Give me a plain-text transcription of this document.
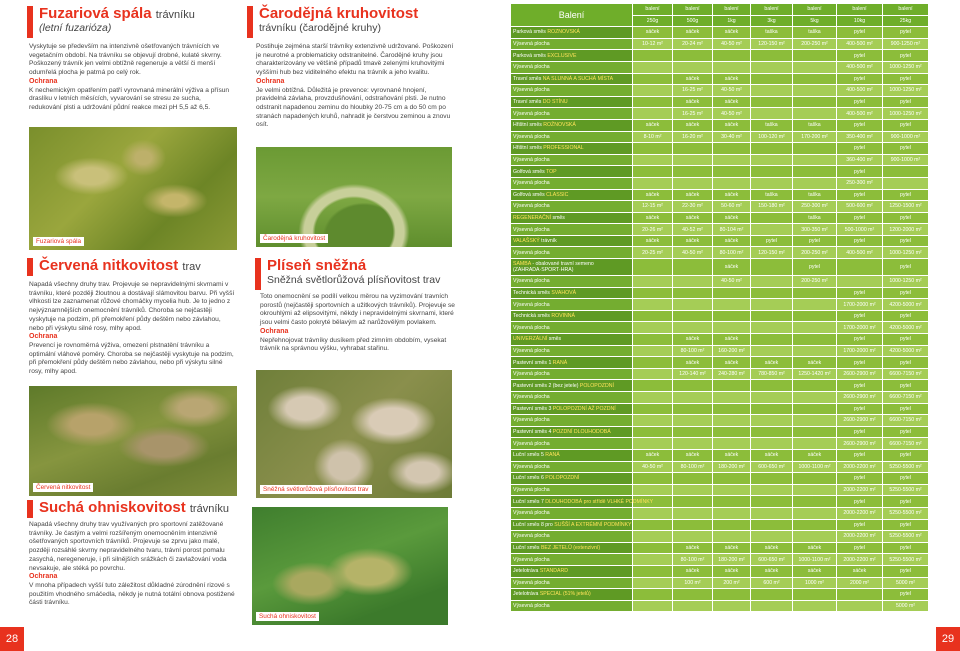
Fuzariová spála trávníku
(letní fuzarióza)
Vyskytuje se především na intenzivně ošetřovaných trávnících ve vegetačním období. Na trávníku se objevují drobné, kulaté skvrny. Poškozený trávník jen velmi obtížně regeneruje a větší či menší odumřelá plocha je patrná po celý rok.
Ochrana
K nechemickým opatřením patří vyrovnaná minerální výživa a přísun draslíku v letních měsících, vyvarování se stresu ze sucha, redukování plsti a udržování půdní reakce mezi pH 5,5 až 6,5.
Fuzariová spála
Červená nitkovitost trav
Napadá všechny druhy trav. Projevuje se nepravidelnými skvrnami v trávníku, které později žloutnou a dostávají slámovitou barvu. Při vyšší vlhkosti lze zaznamenat růžové chomáčky mycelia hub. Je to jedno z nejvýznamnějších onemocnění trávníků. Choroba se nejčastěji vyskytuje na podzim, při přemokření půdy deštěm nebo závlahou, nebo při výskytu silné rosy, mlhy apod.
Ochrana
Prevencí je rovnoměrná výživa, omezení plstnatění trávníku a optimální vláhové poměry. Choroba se nejčastěji vyskytuje na podzim, při přemokření půdy deštěm nebo závlahou, nebo při výskytu silné rosy, mlhy apod.
Červená nitkovitost
Suchá ohniskovitost trávníku
Napadá všechny druhy trav využívaných pro sportovní zatěžované trávníky. Je častým a velmi rozšířeným onemocněním intenzivně ošetřovaných sportovních trávníků. Projevuje se zprvu jako malé, později rozsáhlé skvrny nepravidelného tvaru, trávní porost pomalu zasychá, neregeneruje, i při silnějších srážkách či zavlažování voda nevsakuje, ale stéká po povrchu.
Ochrana
V mnoha případech vyšší tuto záležitost důkladné zúrodnění rizové s použitím vhodného smáčedla, někdy je nutná totální obnova postižené části trávníku.
28
Čarodějná kruhovitost
trávníku (čarodějné kruhy)
Postihuje zejména starší trávníky extenzivně udržované. Poškození je neurotné a problematicky odstranitelné. Čarodějné kruhy jsou charakterizovány ve většině případů tmavě zelenými kruhovitými vyššími hub bez viditelného efektu na trávník a jeho kvalitu.
Ochrana
Je velmi obtížná. Důležitá je prevence: vyrovnané hnojení, pravidelná závlaha, provzdušňování, odstraňování plsti. Je nutno odstranit napadenou zeminu do hloubky 20-75 cm a do 50 cm po stranách napadených kruhů, nahradit je čerstvou zeminou a znovu osít.
Čarodějná kruhovitost
Plíseň sněžná
Sněžná světlorůžová plísňovitost trav
Toto onemocnění se podílí velkou měrou na vyzimování travních porostů (nejčastěji sportovních a užitkových trávníků). Projevuje se okrouhlými až elipsovitými, někdy i nepravidelnými skvrnami, které jsou velmi často pokryté bělavým až narůžovělým povlakem.
Ochrana
Nepřehnojovat trávníky dusíkem před zimním obdobím, vysekat trávník na správnou výšku, vyhrabat stařinu.
Sněžná světlorůžová plísňovitost trav
Suchá ohniskovitost
Balení	balení	balení	balení	balení	balení	balení	balení
	250g	500g	1kg	3kg	5kg	10kg	25kg
Parková směs ROZNOVSKÁ	sáček	sáček	sáček	taška	taška	pytel	pytel
Výsevná plocha	10-12 m²	20-24 m²	40-50 m²	120-150 m²	200-250 m²	400-500 m²	900-1250 m²
Parková směs EXCLUSIVE						pytel	pytel
Výsevná plocha						400-500 m²	1000-1250 m²
Travní směs NA SLUNNÁ A SUCHÁ MÍSTA		sáček	sáček			pytel	pytel
Výsevná plocha		16-25 m²	40-50 m²			400-500 m²	1000-1250 m²
Travní směs DO STÍNU		sáček	sáček			pytel	pytel
Výsevná plocha		16-25 m²	40-50 m²			400-500 m²	1000-1250 m²
Hřištní směs ROŽNOVSKÁ	sáček	sáček	sáček	taška	taška	pytel	pytel
Výsevná plocha	8-10 m²	16-20 m²	30-40 m²	100-120 m²	170-200 m²	350-400 m²	900-1000 m²
Hřištní směs PROFESSIONAL						pytel	pytel
Výsevná plocha						360-400 m²	900-1000 m²
Golfová směs TOP						pytel	
Výsevná plocha						250-300 m²	
Golfová směs CLASSIC	sáček	sáček	sáček	taška	taška	pytel	pytel
Výsevná plocha	12-15 m²	22-30 m²	50-60 m²	150-180 m²	250-300 m²	500-600 m²	1250-1500 m²
REGENERAČNÍ směs	sáček	sáček	sáček		taška	pytel	pytel
Výsevná plocha	20-26 m²	40-52 m²	80-104 m²		300-350 m²	500-1000 m²	1200-2000 m²
VALAŠSKÝ trávník	sáček	sáček	sáček	pytel	pytel	pytel	pytel
Výsevná plocha	20-25 m²	40-50 m²	80-100 m²	120-150 m²	200-250 m²	400-500 m²	1000-1250 m²
SAMBA - obalované travní semeno (ZAHRADA·SPORT·HRA)			sáček		pytel		pytel
Výsevná plocha			40-50 m²		200-250 m²		1000-1250 m²
Technická směs SVAHOVÁ						pytel	pytel
Výsevná plocha						1700-2000 m²	4200-5000 m²
Technická směs ROVINNÁ						pytel	pytel
Výsevná plocha						1700-2000 m²	4200-5000 m²
UNIVERZÁLNÍ směs		sáček	sáček			pytel	pytel
Výsevná plocha		80-100 m²	160-200 m²			1700-2000 m²	4200-5000 m²
Pastevní směs 1 RANÁ		sáček	sáček	sáček	sáček	pytel	pytel
Výsevná plocha		120-140 m²	240-280 m²	780-850 m²	1250-1420 m²	2600-2900 m²	6600-7150 m²
Pastevní směs 2 (bez jetele) POLOPOZDNÍ						pytel	pytel
Výsevná plocha						2600-2900 m²	6600-7150 m²
Pastevní směs 3 POLOPOZDNÍ AŽ POZDNÍ						pytel	pytel
Výsevná plocha						2600-2900 m²	6600-7150 m²
Pastevní směs 4 POZDNÍ DLOUHODOBÁ						pytel	pytel
Výsevná plocha						2600-2900 m²	6600-7150 m²
Luční směs 5 RANÁ	sáček	sáček	sáček	sáček	sáček	pytel	pytel
Výsevná plocha	40-50 m²	80-100 m²	180-200 m²	600-650 m²	1000-1100 m²	2000-2200 m²	5250-5500 m²
Luční směs 6 POLOPOZDNÍ						pytel	pytel
Výsevná plocha						2000-2200 m²	5250-5500 m²
Luční směs 7 DLOUHODOBÁ pro střídě VLHKÉ PODMÍNKY						pytel	pytel
Výsevná plocha						2000-2200 m²	5250-5500 m²
Luční směs 8 pro SUŠŠÍ A EXTRÉMNÍ PODMÍNKY						pytel	pytel
Výsevná plocha						2000-2200 m²	5250-5500 m²
Luční směs BEZ JETELŮ (extenzivní)		sáček	sáček	sáček	sáček	pytel	pytel
Výsevná plocha		80-100 m²	180-200 m²	600-650 m²	1000-1100 m²	2000-2200 m²	5250-5500 m²
Jetelotráva STANDARD		sáček	sáček	sáček	sáček	sáček	pytel
Výsevná plocha		100 m²	200 m²	600 m²	1000 m²	2000 m²	5000 m²
Jetelotráva SPECIAL (51% jetelů)							pytel
Výsevná plocha							5000 m²
29
